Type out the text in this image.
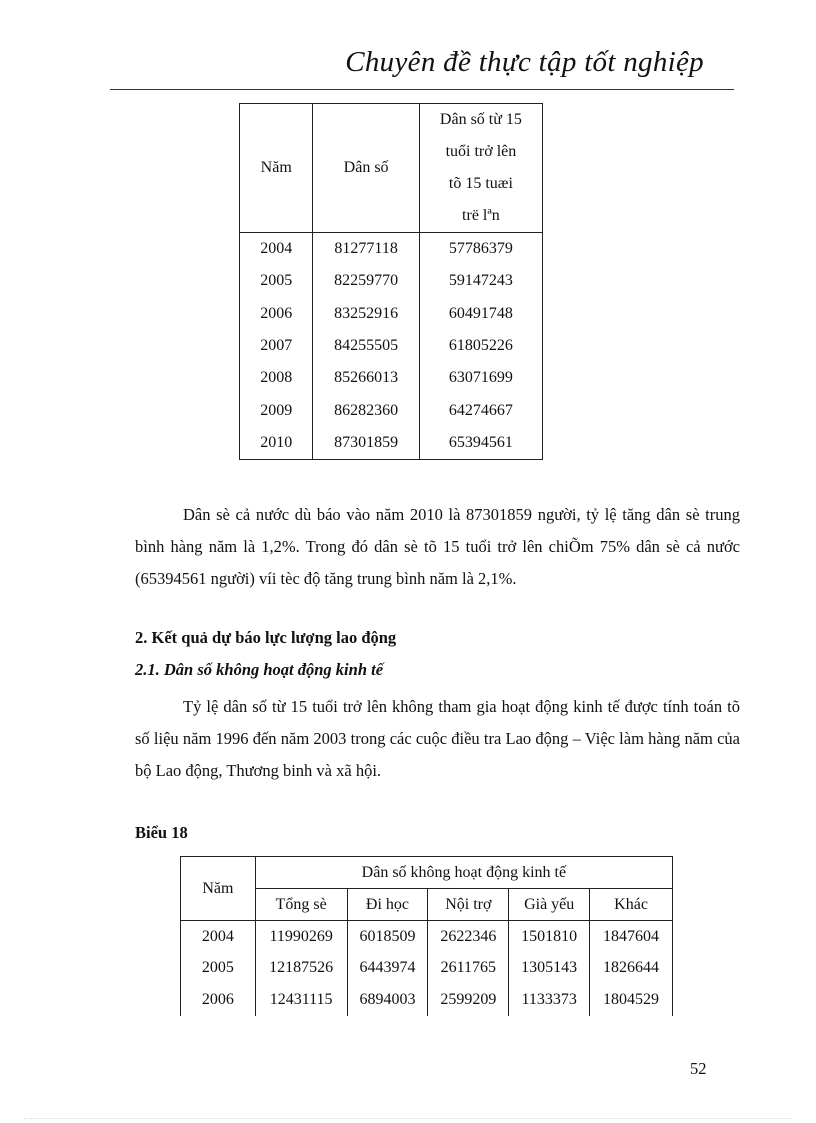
Chuyên đề thực tập tốt nghiệp
Năm	Dân số	Dân số từ 15
tuổi trở lên
tõ 15 tuæi
trë lªn

2004	81277118	57786379
2005	82259770	59147243
2006	83252916	60491748
2007	84255505	61805226
2008	85266013	63071699
2009	86282360	64274667
2010	87301859	65394561

Dân sè cả nước dù báo vào năm 2010 là 87301859 người, tỷ lệ tăng dân sè trung bình hàng năm là 1,2%. Trong đó dân sè tõ 15 tuổi trở lên chiÕm 75% dân sè cả nước (65394561 người) víi tèc độ tăng trung bình năm là 2,1%.

2. Kết quả dự báo lực lượng lao động

2.1. Dân số không hoạt động kinh tế

Tỷ lệ dân số từ 15 tuổi trở lên không tham gia hoạt động kinh tế được tính toán tõ số liệu năm 1996 đến năm 2003 trong các cuộc điều tra Lao động – Việc làm hàng năm của bộ Lao động, Thương binh và xã hội.

Biểu 18

Năm	Dân số không hoạt động kinh tế				
	Tổng sè	Đi học	Nội trợ	Già yếu	Khác
2004	11990269	6018509	2622346	1501810	1847604
2005	12187526	6443974	2611765	1305143	1826644
2006	12431115	6894003	2599209	1133373	1804529
52
